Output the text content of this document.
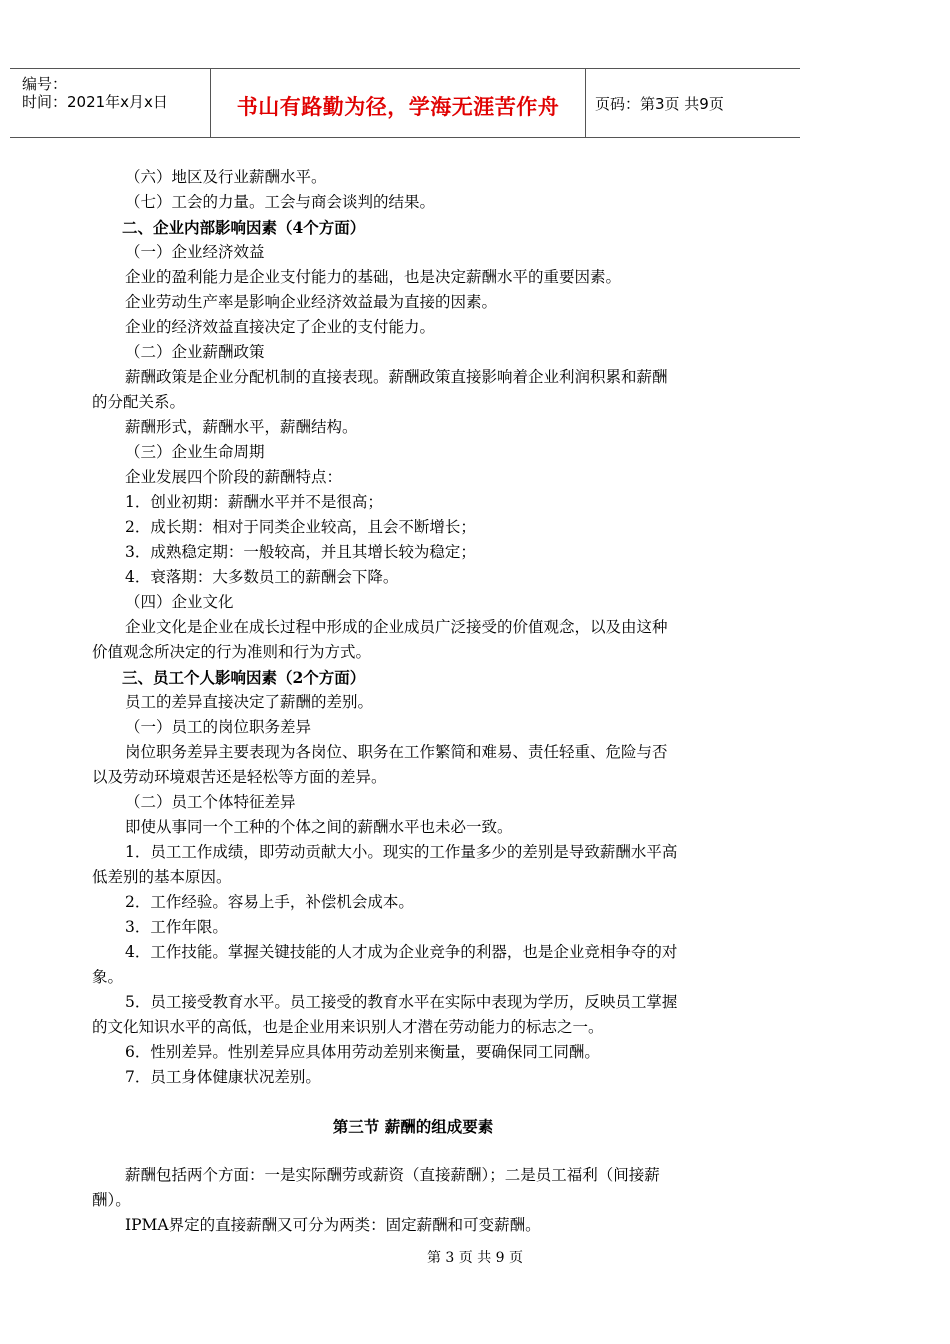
编号：
时间：2021年x月x日	书山有路勤为径，学海无涯苦作舟	页码：第3页 共9页
（六）地区及行业薪酬水平。
（七）工会的力量。工会与商会谈判的结果。
二、企业内部影响因素（4个方面）
（一）企业经济效益
企业的盈利能力是企业支付能力的基础，也是决定薪酬水平的重要因素。
企业劳动生产率是影响企业经济效益最为直接的因素。
企业的经济效益直接决定了企业的支付能力。
（二）企业薪酬政策
薪酬政策是企业分配机制的直接表现。薪酬政策直接影响着企业利润积累和薪酬
的分配关系。
薪酬形式，薪酬水平，薪酬结构。
（三）企业生命周期
企业发展四个阶段的薪酬特点：
1．创业初期：薪酬水平并不是很高；
2．成长期：相对于同类企业较高，且会不断增长；
3．成熟稳定期：一般较高，并且其增长较为稳定；
4．衰落期：大多数员工的薪酬会下降。
（四）企业文化
企业文化是企业在成长过程中形成的企业成员广泛接受的价值观念，以及由这种
价值观念所决定的行为准则和行为方式。
三、员工个人影响因素（2个方面）
员工的差异直接决定了薪酬的差别。
（一）员工的岗位职务差异
岗位职务差异主要表现为各岗位、职务在工作繁简和难易、责任轻重、危险与否
以及劳动环境艰苦还是轻松等方面的差异。
（二）员工个体特征差异
即使从事同一个工种的个体之间的薪酬水平也未必一致。
1．员工工作成绩，即劳动贡献大小。现实的工作量多少的差别是导致薪酬水平高
低差别的基本原因。
2．工作经验。容易上手，补偿机会成本。
3．工作年限。
4．工作技能。掌握关键技能的人才成为企业竞争的利器，也是企业竞相争夺的对
象。
5．员工接受教育水平。员工接受的教育水平在实际中表现为学历，反映员工掌握
的文化知识水平的高低，也是企业用来识别人才潜在劳动能力的标志之一。
6．性别差异。性别差异应具体用劳动差别来衡量，要确保同工同酬。
7．员工身体健康状况差别。
第三节 薪酬的组成要素
薪酬包括两个方面：一是实际酬劳或薪资（直接薪酬）；二是员工福利（间接薪
酬）。
IPMA界定的直接薪酬又可分为两类：固定薪酬和可变薪酬。
第 3 页 共 9 页
